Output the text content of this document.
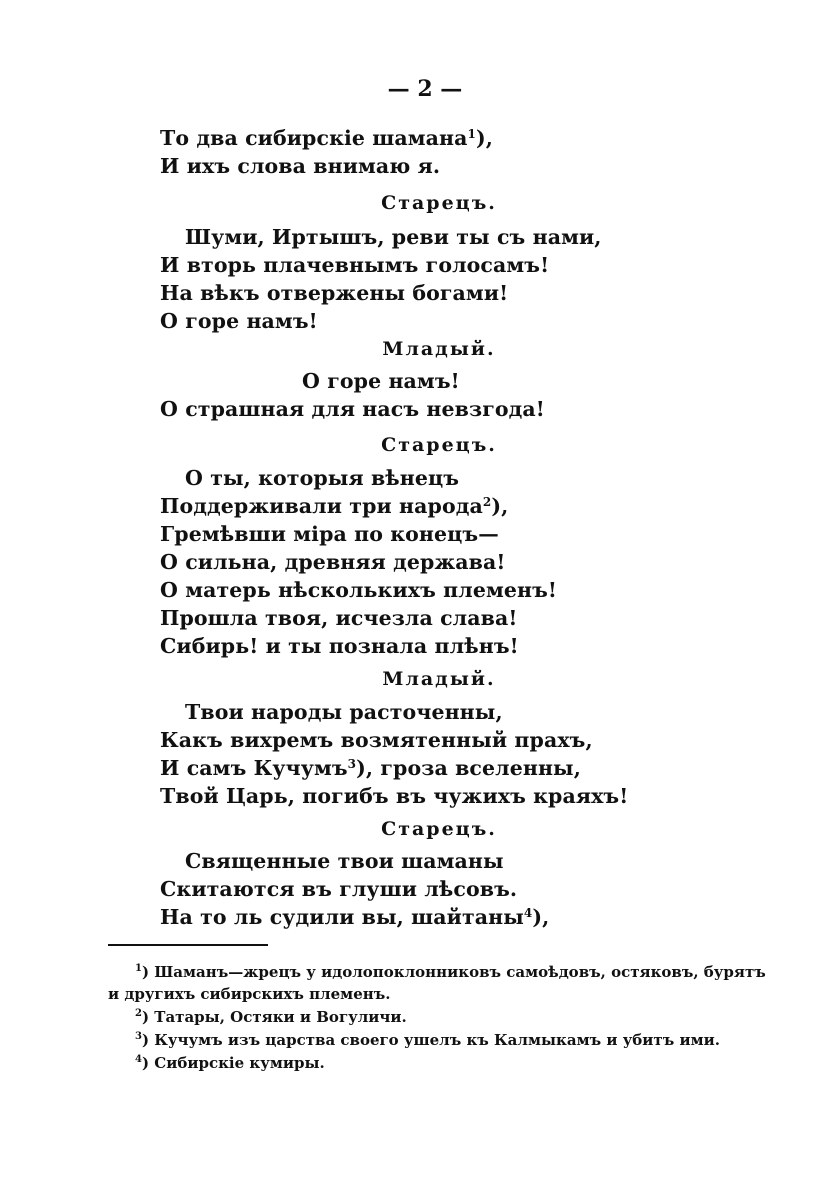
— 2 —
То два сибирскіе шамана$^1$),
И ихъ слова внимаю я.
Старецъ.
Шуми, Иртышъ, реви ты съ нами,
И вторь плачевнымъ голосамъ!
На вѣкъ отвержены богами!
О горе намъ!
Младый.
О горе намъ!
О страшная для насъ невзгода!
Старецъ.
О ты, которыя вѣнецъ
Поддерживали три народа$^2$),
Гремѣвши міра по конецъ—
О сильна, древняя держава!
О матерь нѣсколькихъ племенъ!
Прошла твоя, исчезла слава!
Сибирь! и ты познала плѣнъ!
Младый.
Твои народы расточенны,
Какъ вихремъ возмятенный прахъ,
И самъ Кучумъ$^3$), гроза вселенны,
Твой Царь, погибъ въ чужихъ краяхъ!
Старецъ.
Священные твои шаманы
Скитаются въ глуши лѣсовъ.
На то ль судили вы, шайтаны$^4$),
$^1$) Шаманъ—жрецъ у идолопоклонниковъ самоѣдовъ, остяковъ, бурятъ
и другихъ сибирскихъ племенъ.
$^2$) Татары, Остяки и Вогуличи.
$^3$) Кучумъ изъ царства своего ушелъ къ Калмыкамъ и убитъ ими.
$^4$) Сибирскіе кумиры.
